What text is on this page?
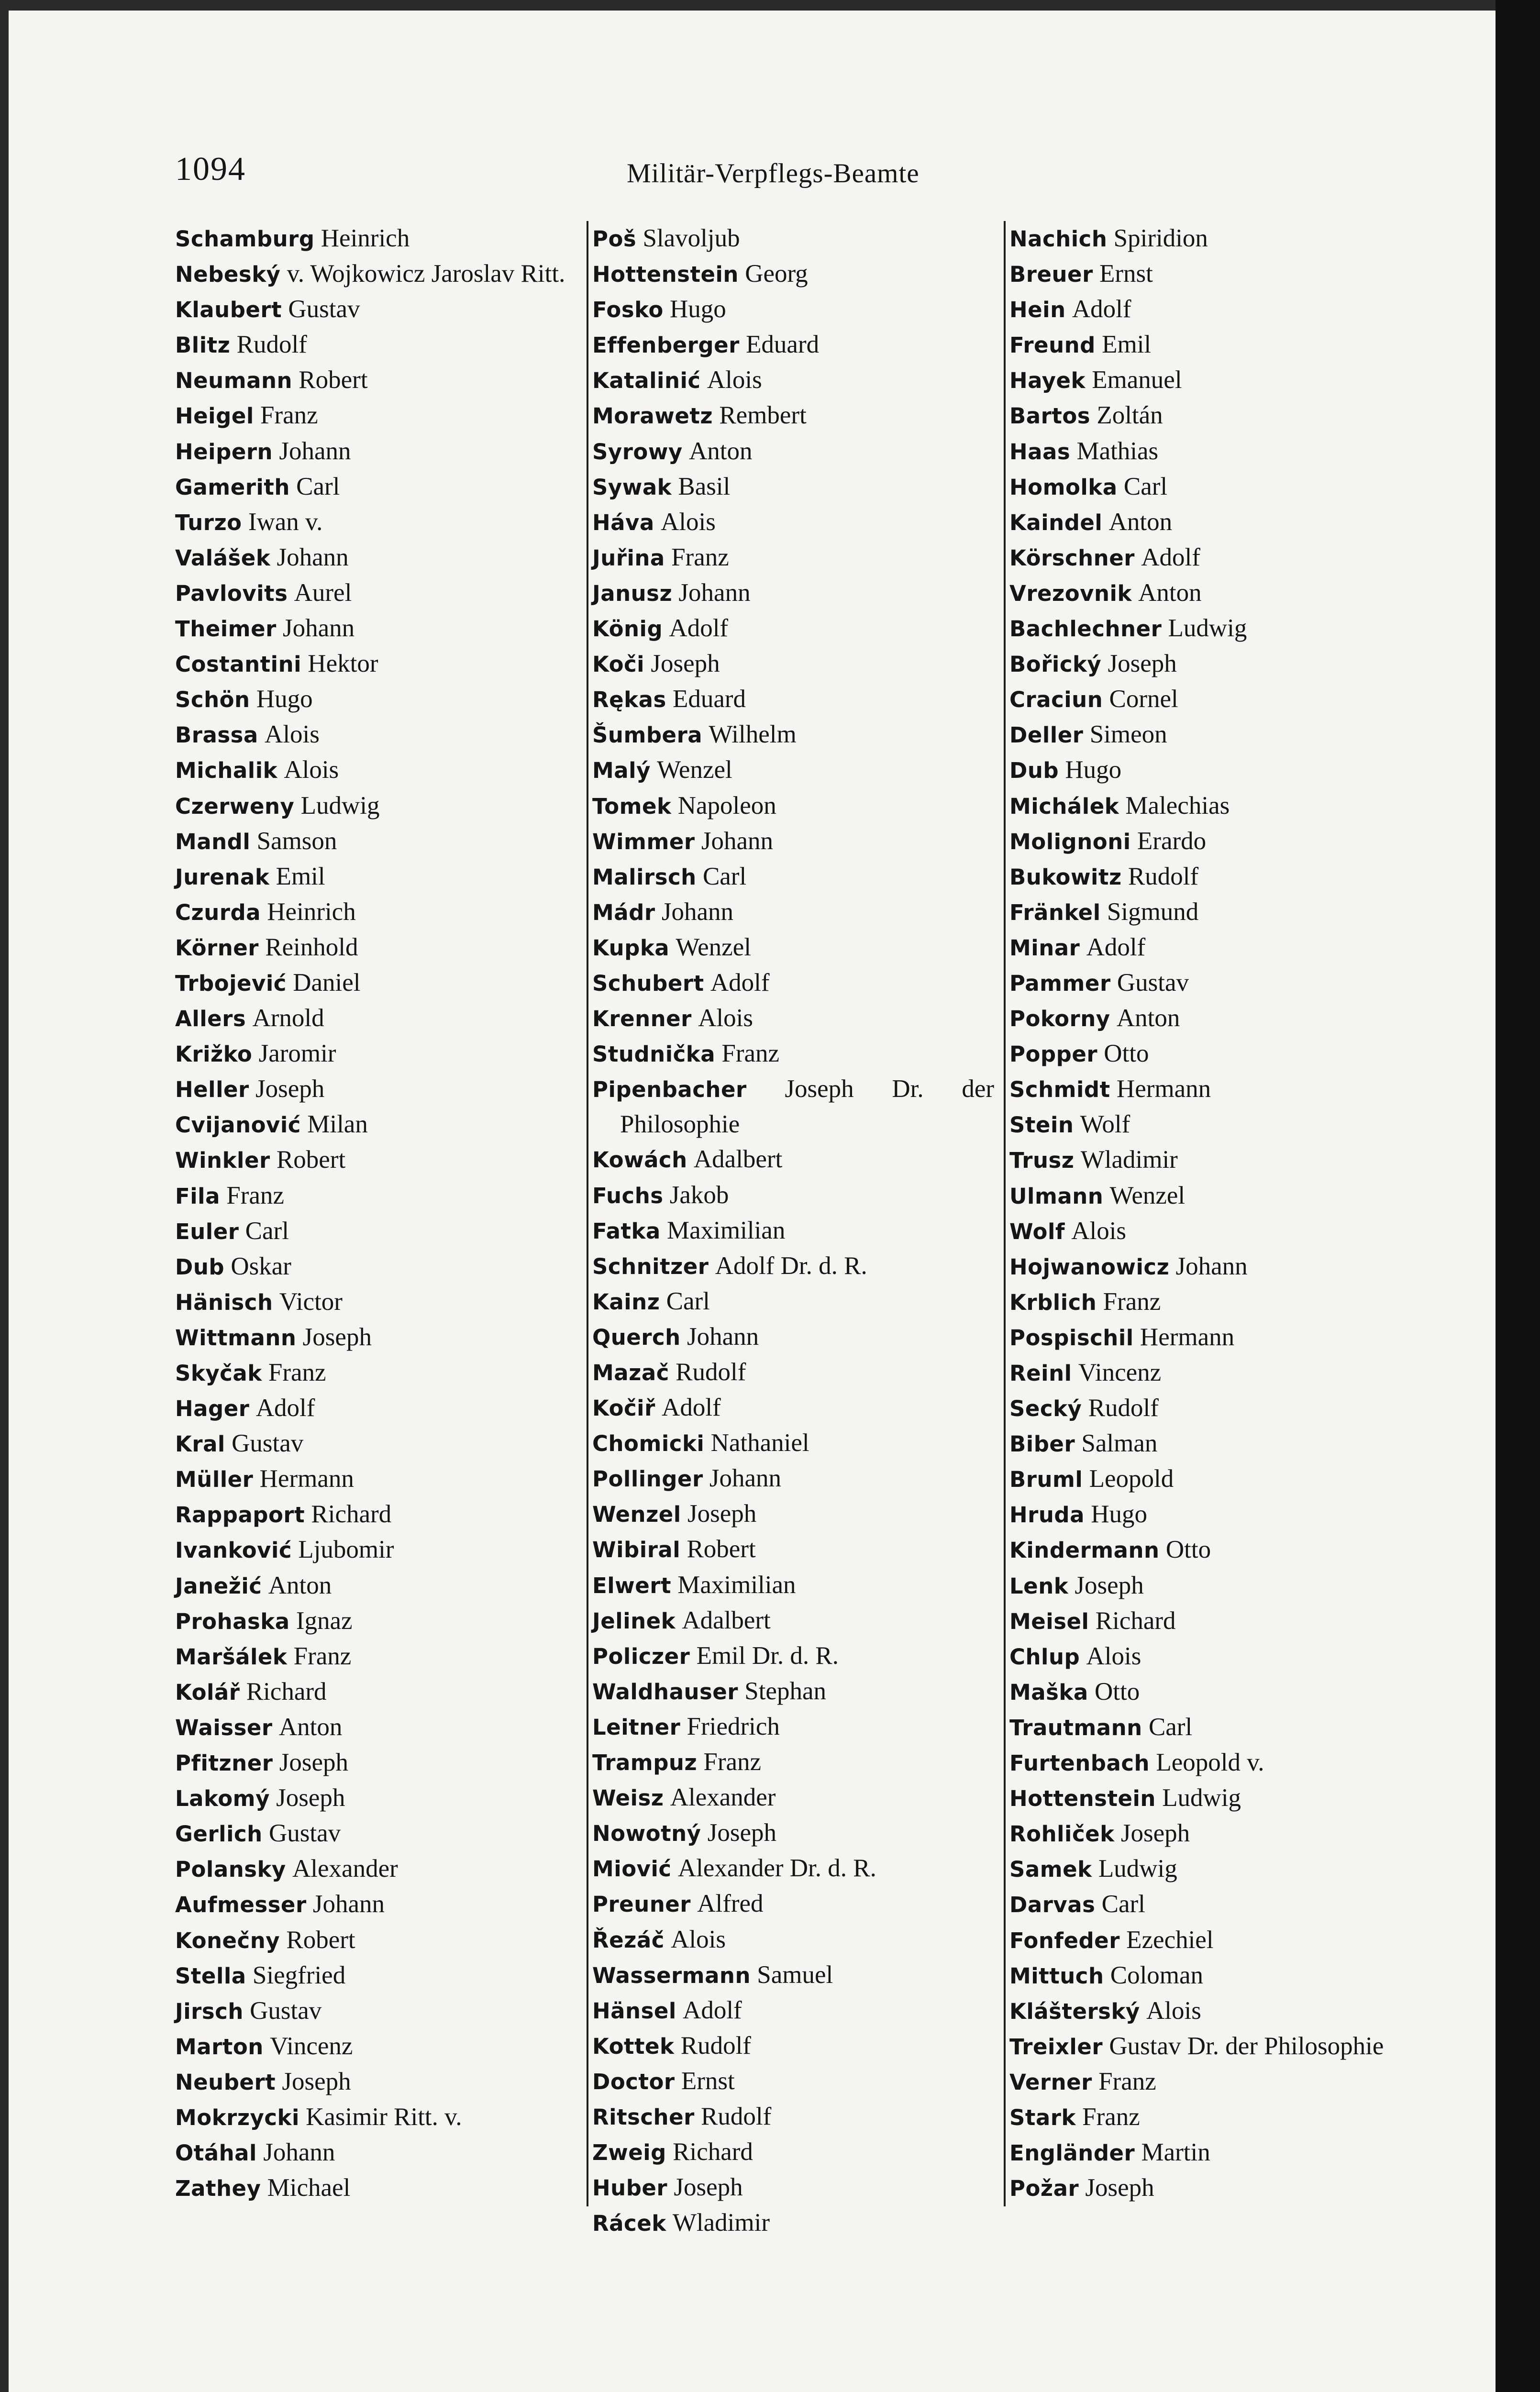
1094	Militär-Verpflegs-Beamte

Schamburg Heinrich

Nebeský v. Wojkowicz Jaroslav Ritt.

Klaubert Gustav

Blitz Rudolf

Neumann Robert

Heigel Franz

Heipern Johann

Gamerith Carl

Turzo Iwan v.

Valášek Johann

Pavlovits Aurel

Theimer Johann

Costantini Hektor

Schön Hugo

Brassa Alois

Michalik Alois

Czerweny Ludwig

Mandl Samson

Jurenak Emil

Czurda Heinrich

Körner Reinhold

Trbojević Daniel

Allers Arnold

Križko Jaromir

Heller Joseph

Cvijanović Milan

Winkler Robert

Fila Franz

Euler Carl

Dub Oskar

Hänisch Victor

Wittmann Joseph

Skyčak Franz

Hager Adolf

Kral Gustav

Müller Hermann

Rappaport Richard

Ivanković Ljubomir

Janežić Anton

Prohaska Ignaz

Maršálek Franz

Kolář Richard

Waisser Anton

Pfitzner Joseph

Lakomý Joseph

Gerlich Gustav

Polansky Alexander

Aufmesser Johann

Konečny Robert

Stella Siegfried

Jirsch Gustav

Marton Vincenz

Neubert Joseph

Mokrzycki Kasimir Ritt. v.

Otáhal Johann

Zathey Michael

Poš Slavoljub

Hottenstein Georg

Fosko Hugo

Effenberger Eduard

Katalinić Alois

Morawetz Rembert

Syrowy Anton

Sywak Basil

Háva Alois

Juřina Franz

Janusz Johann

König Adolf

Koči Joseph

Rękas Eduard

Šumbera Wilhelm

Malý Wenzel

Tomek Napoleon

Wimmer Johann

Malirsch Carl

Mádr Johann

Kupka Wenzel

Schubert Adolf

Krenner Alois

Studnička Franz

Pipenbacher Joseph Dr. der Philosophie

Kowách Adalbert

Fuchs Jakob

Fatka Maximilian

Schnitzer Adolf Dr. d. R.

Kainz Carl

Querch Johann

Mazač Rudolf

Kočiř Adolf

Chomicki Nathaniel

Pollinger Johann

Wenzel Joseph

Wibiral Robert

Elwert Maximilian

Jelinek Adalbert

Policzer Emil Dr. d. R.

Waldhauser Stephan

Leitner Friedrich

Trampuz Franz

Weisz Alexander

Nowotný Joseph

Miović Alexander Dr. d. R.

Preuner Alfred

Řezáč Alois

Wassermann Samuel

Hänsel Adolf

Kottek Rudolf

Doctor Ernst

Ritscher Rudolf

Zweig Richard

Huber Joseph

Rácek Wladimir

Nachich Spiridion

Breuer Ernst

Hein Adolf

Freund Emil

Hayek Emanuel

Bartos Zoltán

Haas Mathias

Homolka Carl

Kaindel Anton

Körschner Adolf

Vrezovnik Anton

Bachlechner Ludwig

Bořický Joseph

Craciun Cornel

Deller Simeon

Dub Hugo

Michálek Malechias

Molignoni Erardo

Bukowitz Rudolf

Fränkel Sigmund

Minar Adolf

Pammer Gustav

Pokorny Anton

Popper Otto

Schmidt Hermann

Stein Wolf

Trusz Wladimir

Ulmann Wenzel

Wolf Alois

Hojwanowicz Johann

Krblich Franz

Pospischil Hermann

Reinl Vincenz

Secký Rudolf

Biber Salman

Bruml Leopold

Hruda Hugo

Kindermann Otto

Lenk Joseph

Meisel Richard

Chlup Alois

Maška Otto

Trautmann Carl

Furtenbach Leopold v.

Hottenstein Ludwig

Rohliček Joseph

Samek Ludwig

Darvas Carl

Fonfeder Ezechiel

Mittuch Coloman

Klášterský Alois

Treixler Gustav Dr. der Philosophie

Verner Franz

Stark Franz

Engländer Martin

Požar Joseph
